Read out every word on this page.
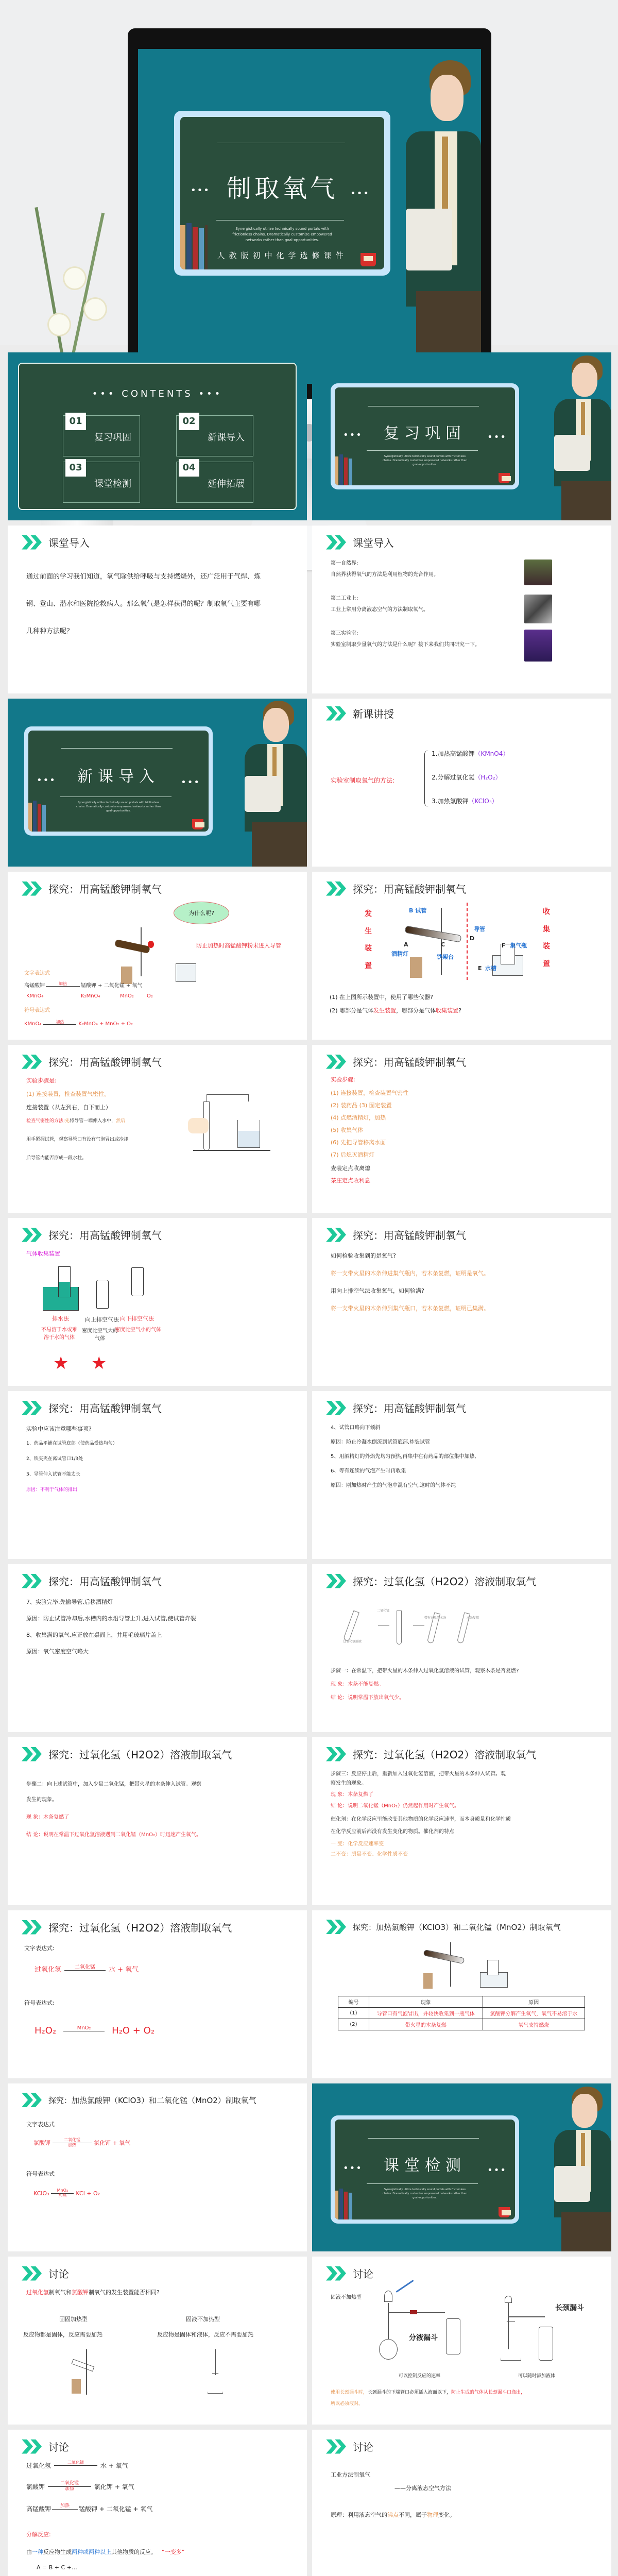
••• 制取氧气	•••
Synergistically utilize technically sound portals with frictionless chains. Dramatically customize empowered networks rather than goal-opportunities.
人教版初中化学选修课件
••• CONTENTS •••
01
复习巩固
02
新课导入
03
课堂检测
04
延伸拓展
•••	复习巩固	•••
Synergistically utilize technically sound portals with frictionless chains. Dramatically customize empowered networks rather than goal-opportunities.
课堂导入
通过前面的学习我们知道，氧气除供给呼吸与支持燃烧外，还广泛用于气焊、炼
钢、登山、潜水和医院抢救病人。那么氧气是怎样获得的呢？制取氧气主要有哪
几种种方法呢？
课堂导入
第一自然界:
自然界获得氧气的方法是利用植物的光合作用。
第二工业上:
工业上常用分离液态空气的方法制取氧气。
第三实验室:
实验室制取少量氧气的方法是什么呢？接下来我们共同研究一下。
•••	新课导入	•••
Synergistically utilize technically sound portals with frictionless chains. Dramatically customize empowered networks rather than goal-opportunities.
新课讲授
实验室制取氧气的方法:
1.加热高锰酸钾（KMnO4）
2.分解过氧化氢（H₂O₂）
3.加热氯酸钾（KClO₃）
探究：用高锰酸钾制氧气
为什么呢?
防止加热时高锰酸钾粉末进入导管
文字表达式
高锰酸钾	加热	锰酸钾 + 二氧化锰 + 氧气
KMnO₄	K₂MnO₄	MnO₂	O₂
符号表达式
KMnO₄	加热	K₂MnO₄ + MnO₂ + O₂
探究：用高锰酸钾制氧气
发生装置
收集装置
B 试管
导管
D
A
酒精灯
C
铁架台
F 集气瓶
E 水槽
(1) 在上图所示装置中，使用了哪些仪器?
(2) 哪部分是气体发生装置，哪部分是气体收集装置?
探究：用高锰酸钾制氧气
实验步骤是:
(1) 连接装置，检查装置气密性。
连接装置（从左到右，自下而上）
检查气密性的方法:先将导管一端伸入水中，然后
用手紧握试管，观察导管口有没有气泡冒出或冷却
后导管内能否形成一段水柱。
探究：用高锰酸钾制氧气
实验步骤:
(1) 连接装置，检查装置气密性
(2) 装药品 (3) 固定装置
(4) 点燃酒精灯，加热
(5) 收集气体
(6) 先把导管移离水面
(7) 后熄灭酒精灯
查装定点收离熄
茶庄定点收利息
探究：用高锰酸钾制氧气
气体收集装置
排水法
不易溶于水或难溶于水的气体
向上排空气法
密度比空气大的气体
向下排空气法
密度比空气小的气体
★ ★
探究：用高锰酸钾制氧气
如何检验收集到的是氧气?
将一支带火星的木条伸进集气瓶内，若木条复燃，证明是氧气。
用向上排空气法收集氧气，如何验满?
将一支带火星的木条伸到集气瓶口，若木条复燃，证明已集满。
探究：用高锰酸钾制氧气
实验中应该注意哪些事项?
1、药品平铺在试管底部（使药品受热均匀）
2、铁夹夹在离试管口1/3处
3、导管伸入试管不能太长
原因：不利于气体的排出
探究：用高锰酸钾制氧气
4、试管口略向下倾斜
原因：防止冷凝水倒流到试管底部,炸裂试管
5、用酒精灯的外焰先均匀预热,再集中在有药品的部位集中加热,
6、等有连续的气泡产生时再收集
原因：刚加热时产生的气泡中混有空气,这时的气体不纯
探究：用高锰酸钾制氧气
7、实验完毕,先撤导管,后移酒精灯
原因：防止试管冷却后,水槽内的水沿导管上升,进入试管,使试管炸裂
8、收集满的氧气,应正放在桌面上，并用毛玻璃片盖上
原因：氧气密度空气略大
探究：过氧化氢（H2O2）溶液制取氧气
过氧化氢溶液
二氧化锰
带有火星的木条	木条复燃
步骤一：在常温下，把带火星的木条伸入过氧化氢溶液的试管，观察木条是否复燃?
现 象：木条不能复燃。
结 论：说明常温下放出氧气少。
探究：过氧化氢（H2O2）溶液制取氧气
步骤二：向上述试管中，加入少量二氧化锰，把带火星的木条伸入试管。观察
发生的现象。
现 象：木条复燃了
结 论：说明在常温下过氧化氢溶液遇到二氧化锰（MnO₂）时迅速产生氧气。
探究：过氧化氢（H2O2）溶液制取氧气
步骤三：反应停止后，重新加入过氧化氢溶液，把带火星的木条伸入试管。观
察发生的现象。
现 象：木条复燃了
结 论：说明二氧化锰（MnO₂）仍然起作用时产生氧气。
催化剂：在化学反应里能改变其他物质的化学反应速率，而本身质量和化学性质
在化学反应前后都没有发生变化的物质。催化剂的特点
一 变：化学反应速率变
二不变：质量不变、化学性质不变
探究：过氧化氢（H2O2）溶液制取氧气
文字表达式:
过氧化氢	二氧化锰 水 + 氧气
符号表达式:
H₂O₂	MnO₂ H₂O + O₂
探究：加热氯酸钾（KClO3）和二氧化锰（MnO2）制取氧气
编号	现象	原因
(1)	导管口有气泡冒出，并较快收集到一瓶气体	氯酸钾分解产生氧气，氧气不易溶于水
(2)	带火星的木条复燃	氧气支持燃烧
探究：加热氯酸钾（KClO3）和二氧化锰（MnO2）制取氧气
文字表达式
氯酸钾	二氧化锰
加热	氯化钾 + 氧气
符号表达式
KClO₃ MnO₂
加热 KCl + O₂
•••	课堂检测	•••
Synergistically utilize technically sound portals with frictionless chains. Dramatically customize empowered networks rather than goal-opportunities.
讨论
过氧化氢制氧气和氯酸钾制氧气的发生装置能否相同?
固固加热型
反应物都是固体，反应需要加热
固液不加热型
反应物是固体和液体，反应不需要加热
讨论
固液不加热型
分液漏斗
长颈漏斗
可以控制反应的速率	可以随时添加液体
使用长颈漏斗时，长颈漏斗的下端管口必须插入液面以下，防止生成的气体从长颈漏斗口逸出，
所以必须液封。
讨论
过氧化氢	二氧化锰	水 + 氧气
氯酸钾	二氧化锰
加热	氯化钾 + 氧气
高锰酸钾 加热 锰酸钾 + 二氧化锰 + 氧气
分解反应:
由一种反应物生成两种或两种以上其他物质的反应。 “一变多”
A = B + C +…
讨论
工业方法制氧气
——分离液态空气方法
原理：利用液态空气的沸点不同，属于物理变化。
